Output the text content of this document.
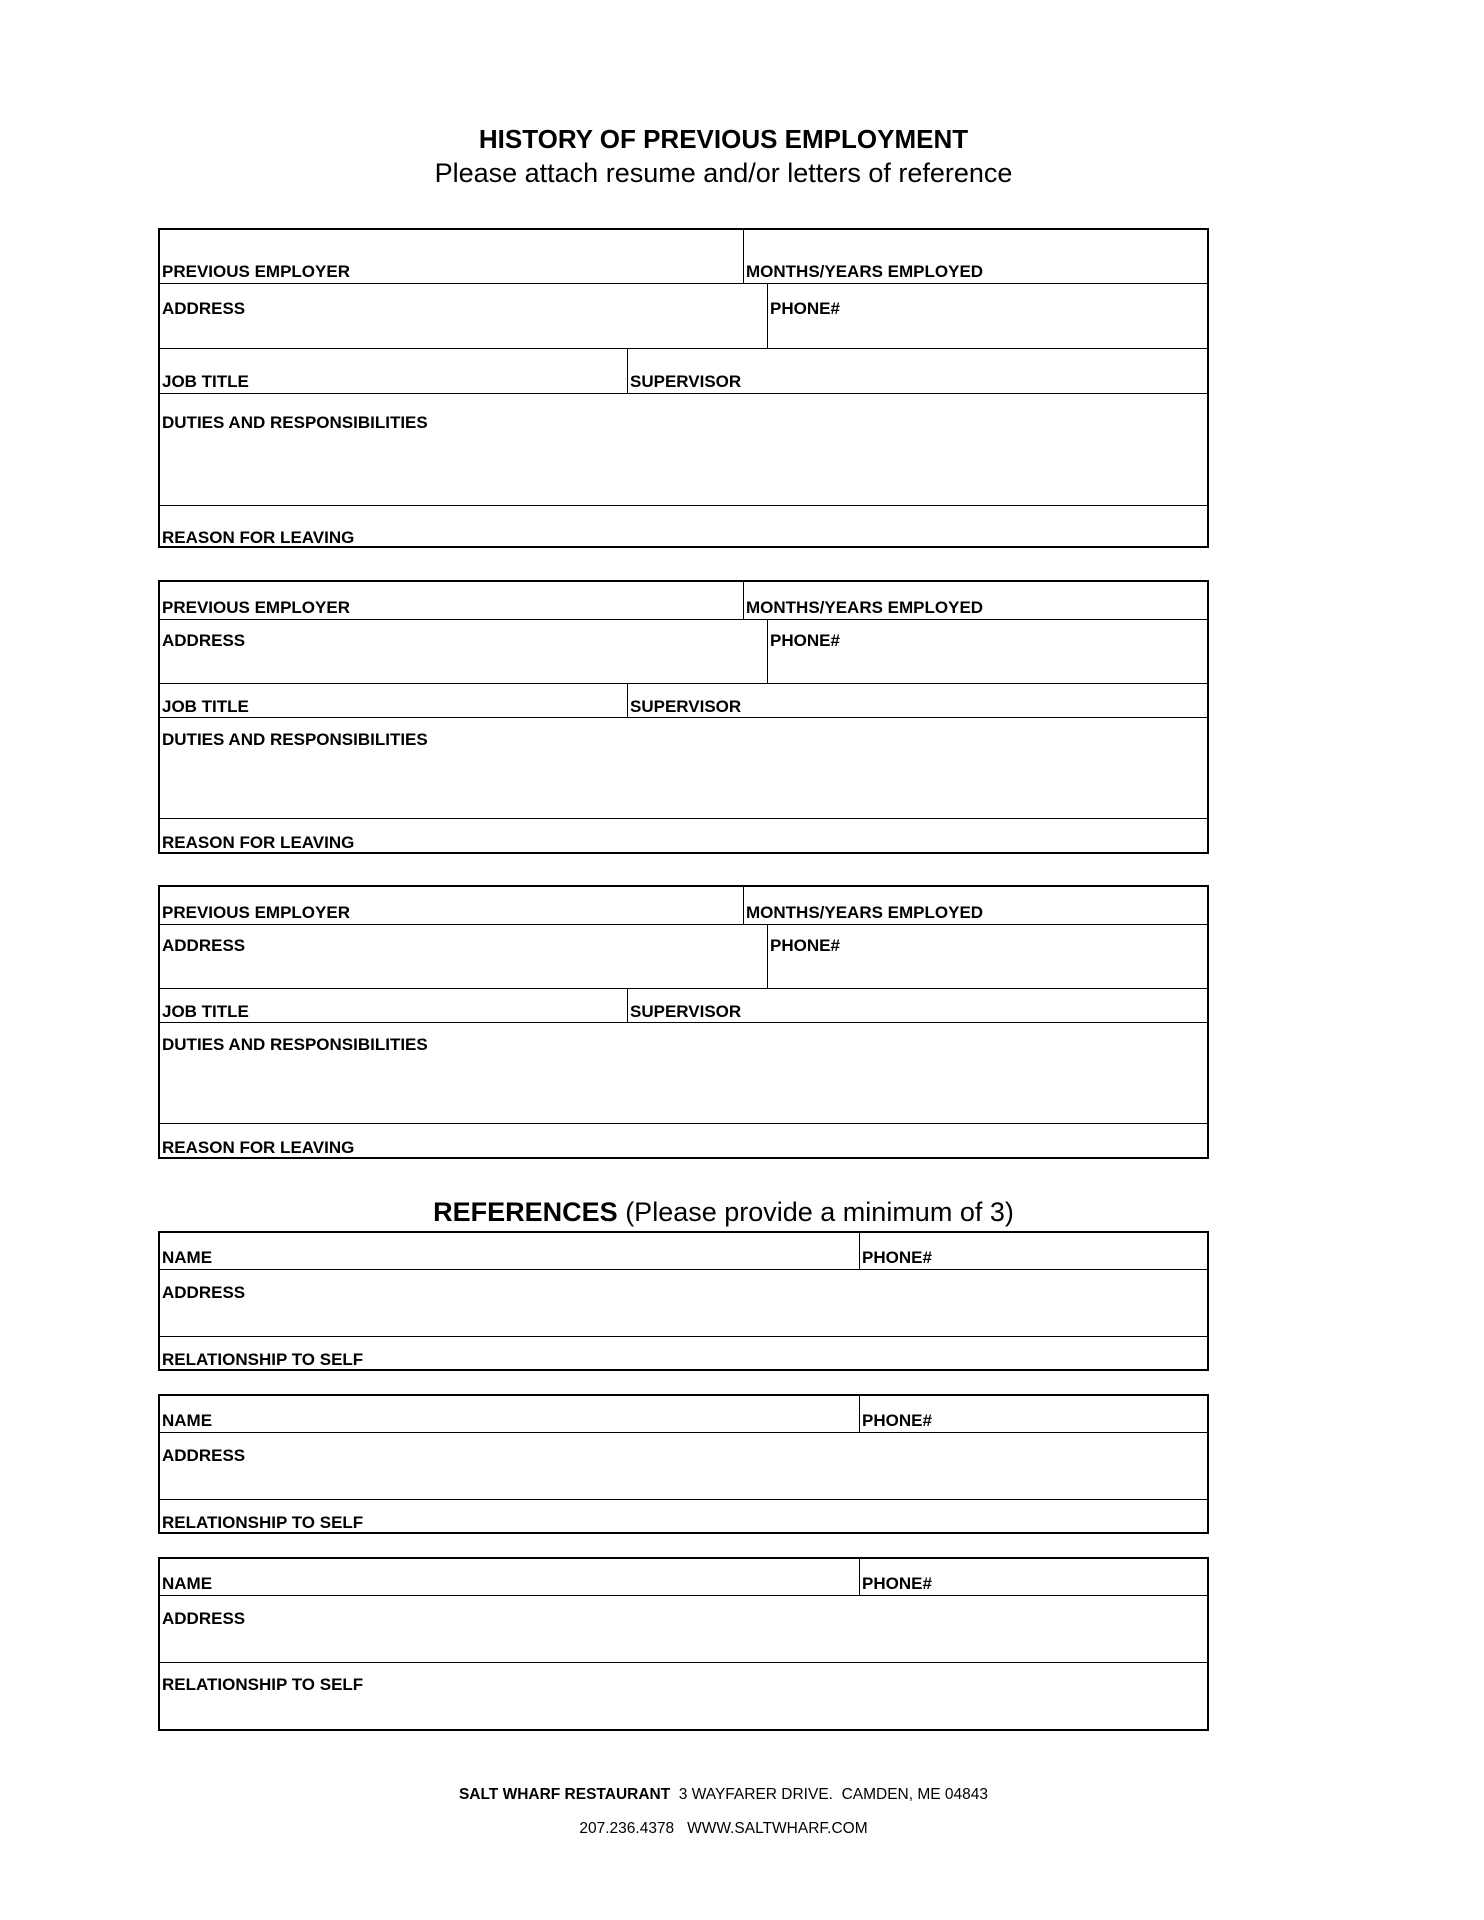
HISTORY OF PREVIOUS EMPLOYMENT
Please attach resume and/or letters of reference
PREVIOUS EMPLOYER	MONTHS/YEARS EMPLOYED
ADDRESS	PHONE#
JOB TITLE	SUPERVISOR
DUTIES AND RESPONSIBILITIES
REASON FOR LEAVING
PREVIOUS EMPLOYER	MONTHS/YEARS EMPLOYED
ADDRESS	PHONE#
JOB TITLE	SUPERVISOR
DUTIES AND RESPONSIBILITIES
REASON FOR LEAVING
PREVIOUS EMPLOYER	MONTHS/YEARS EMPLOYED
ADDRESS	PHONE#
JOB TITLE	SUPERVISOR
DUTIES AND RESPONSIBILITIES
REASON FOR LEAVING
REFERENCES (Please provide a minimum of 3)
NAME	PHONE#
ADDRESS
RELATIONSHIP TO SELF
NAME	PHONE#
ADDRESS
RELATIONSHIP TO SELF
NAME	PHONE#
ADDRESS
RELATIONSHIP TO SELF
SALT WHARF RESTAURANT  3 WAYFARER DRIVE.  CAMDEN, ME 04843
207.236.4378   WWW.SALTWHARF.COM
